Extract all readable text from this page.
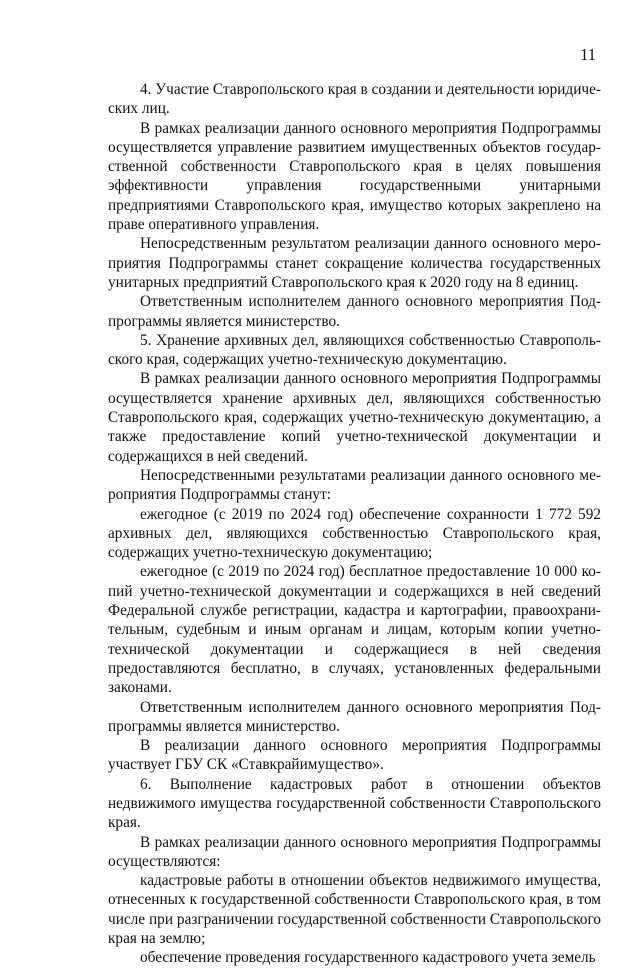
11

4. Участие Ставропольского края в создании и деятельности юридических лиц.

В рамках реализации данного основного мероприятия Подпрограммы осуществляется управление развитием имущественных объектов государственной собственности Ставропольского края в целях повышения эффективности управления государственными унитарными предприятиями Ставропольского края, имущество которых закреплено на праве оперативного управления.

Непосредственным результатом реализации данного основного мероприятия Подпрограммы станет сокращение количества государственных унитарных предприятий Ставропольского края к 2020 году на 8 единиц.

Ответственным исполнителем данного основного мероприятия Подпрограммы является министерство.

5. Хранение архивных дел, являющихся собственностью Ставропольского края, содержащих учетно-техническую документацию.

В рамках реализации данного основного мероприятия Подпрограммы осуществляется хранение архивных дел, являющихся собственностью Ставропольского края, содержащих учетно-техническую документацию, а также предоставление копий учетно-технической документации и содержащихся в ней сведений.

Непосредственными результатами реализации данного основного мероприятия Подпрограммы станут:

ежегодное (с 2019 по 2024 год) обеспечение сохранности 1 772 592 архивных дел, являющихся собственностью Ставропольского края, содержащих учетно-техническую документацию;

ежегодное (с 2019 по 2024 год) бесплатное предоставление 10 000 копий учетно-технической документации и содержащихся в ней сведений Федеральной службе регистрации, кадастра и картографии, правоохранительным, судебным и иным органам и лицам, которым копии учетно-технической документации и содержащиеся в ней сведения предоставляются бесплатно, в случаях, установленных федеральными законами.

Ответственным исполнителем данного основного мероприятия Подпрограммы является министерство.

В реализации данного основного мероприятия Подпрограммы участвует ГБУ СК «Ставкрайимущество».

6. Выполнение кадастровых работ в отношении объектов недвижимого имущества государственной собственности Ставропольского края.

В рамках реализации данного основного мероприятия Подпрограммы осуществляются:

кадастровые работы в отношении объектов недвижимого имущества, отнесенных к государственной собственности Ставропольского края, в том числе при разграничении государственной собственности Ставропольского края на землю;

обеспечение проведения государственного кадастрового учета земель
